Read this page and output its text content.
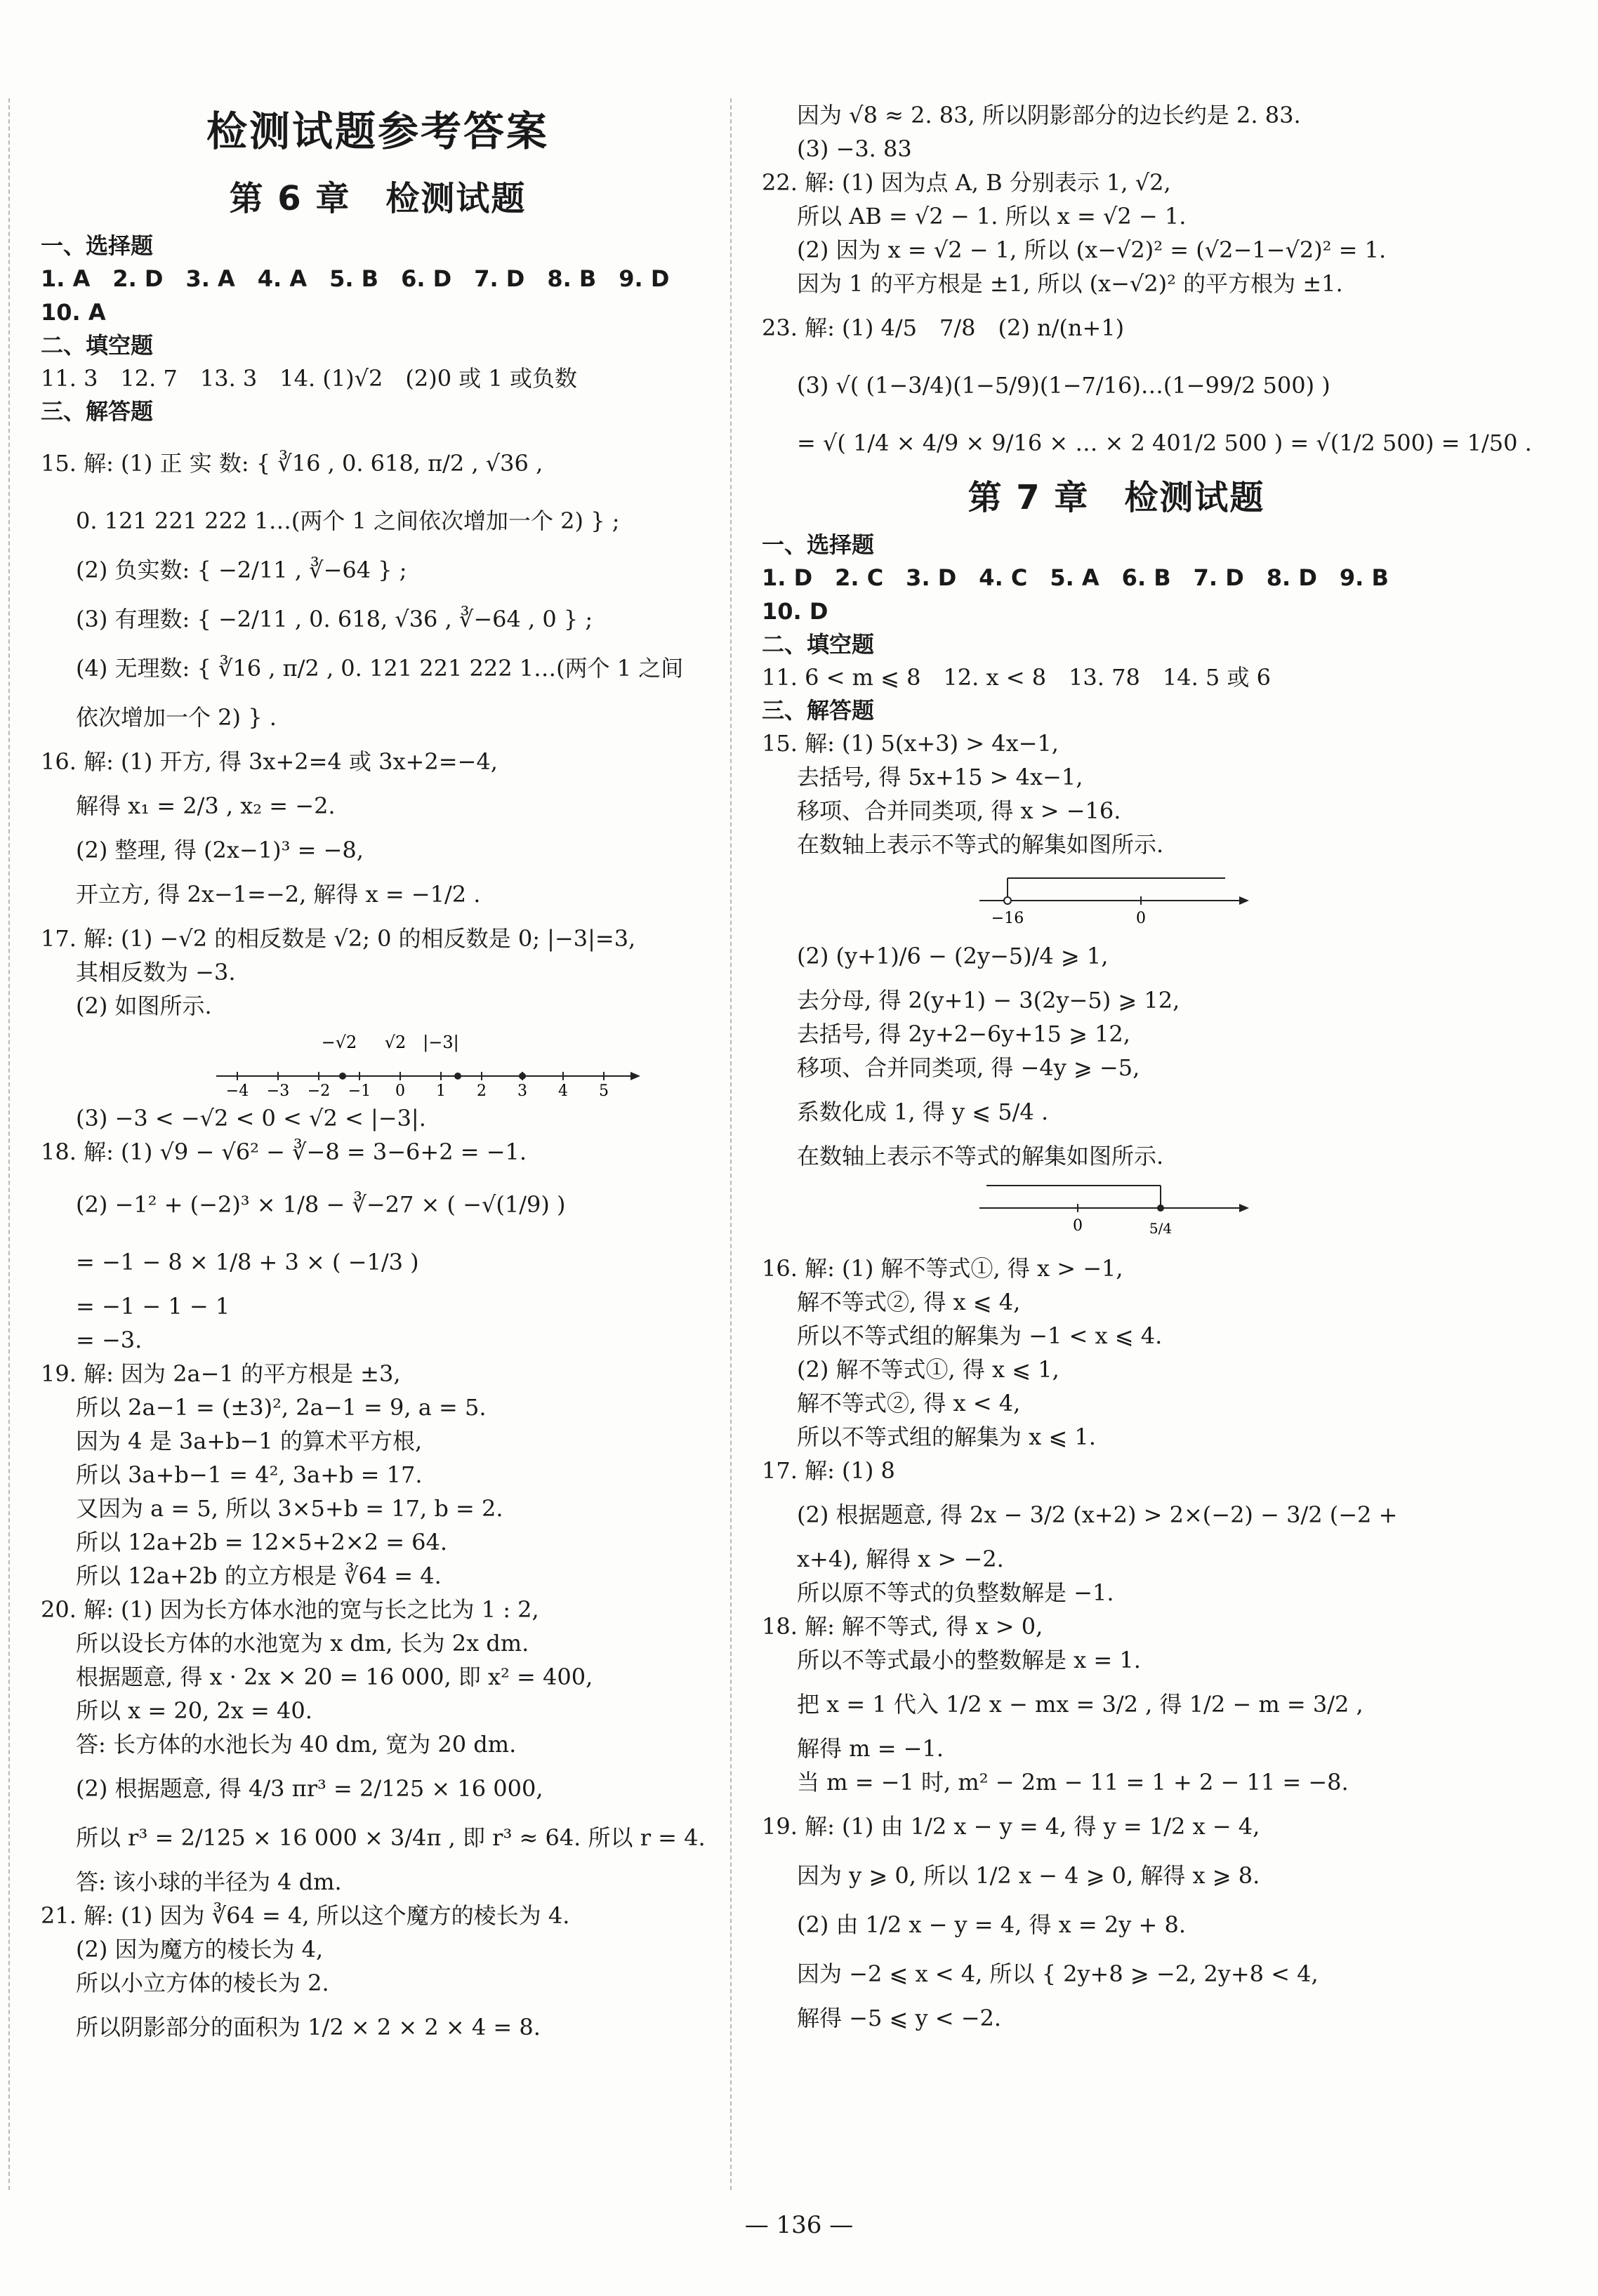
检测试题参考答案
第 6 章　检测试题
一、选择题
1. A　2. D　3. A　4. A　5. B　6. D　7. D　8. B　9. D
10. A
二、填空题
11. 3　12. 7　13. 3　14. (1)√2　(2)0 或 1 或负数
三、解答题
15. 解: (1) 正 实 数: { ∛16 , 0. 618, π/2 , √36 ,
0. 121 221 222 1…(两个 1 之间依次增加一个 2) } ;
(2) 负实数: { −2/11 , ∛−64 } ;
(3) 有理数: { −2/11 , 0. 618, √36 , ∛−64 , 0 } ;
(4) 无理数: { ∛16 , π/2 , 0. 121 221 222 1…(两个 1 之间
依次增加一个 2) } .
16. 解: (1) 开方, 得 3x+2=4 或 3x+2=−4,
解得 x₁ = 2/3 , x₂ = −2.
(2) 整理, 得 (2x−1)³ = −8,
开立方, 得 2x−1=−2, 解得 x = −1/2 .
17. 解: (1) −√2 的相反数是 √2; 0 的相反数是 0; |−3|=3,
其相反数为 −3.
(2) 如图所示.
−4 −3 −2 −1 0 1 2 3 4 5
−√2 √2 |−3|
(3) −3 < −√2 < 0 < √2 < |−3|.
18. 解: (1) √9 − √6² − ∛−8 = 3−6+2 = −1.
(2) −1² + (−2)³ × 1/8 − ∛−27 × ( −√(1/9) )
= −1 − 8 × 1/8 + 3 × ( −1/3 )
= −1 − 1 − 1
= −3.
19. 解: 因为 2a−1 的平方根是 ±3,
所以 2a−1 = (±3)², 2a−1 = 9, a = 5.
因为 4 是 3a+b−1 的算术平方根,
所以 3a+b−1 = 4², 3a+b = 17.
又因为 a = 5, 所以 3×5+b = 17, b = 2.
所以 12a+2b = 12×5+2×2 = 64.
所以 12a+2b 的立方根是 ∛64 = 4.
20. 解: (1) 因为长方体水池的宽与长之比为 1 : 2,
所以设长方体的水池宽为 x dm, 长为 2x dm.
根据题意, 得 x · 2x × 20 = 16 000, 即 x² = 400,
所以 x = 20, 2x = 40.
答: 长方体的水池长为 40 dm, 宽为 20 dm.
(2) 根据题意, 得 4/3 πr³ = 2/125 × 16 000,
所以 r³ = 2/125 × 16 000 × 3/4π , 即 r³ ≈ 64. 所以 r = 4.
答: 该小球的半径为 4 dm.
21. 解: (1) 因为 ∛64 = 4, 所以这个魔方的棱长为 4.
(2) 因为魔方的棱长为 4,
所以小立方体的棱长为 2.
所以阴影部分的面积为 1/2 × 2 × 2 × 4 = 8.
因为 √8 ≈ 2. 83, 所以阴影部分的边长约是 2. 83.
(3) −3. 83
22. 解: (1) 因为点 A, B 分别表示 1, √2,
所以 AB = √2 − 1. 所以 x = √2 − 1.
(2) 因为 x = √2 − 1, 所以 (x−√2)² = (√2−1−√2)² = 1.
因为 1 的平方根是 ±1, 所以 (x−√2)² 的平方根为 ±1.
23. 解: (1) 4/5　7/8　(2) n/(n+1)
(3) √( (1−3/4)(1−5/9)(1−7/16)…(1−99/2 500) )
= √( 1/4 × 4/9 × 9/16 × … × 2 401/2 500 ) = √(1/2 500) = 1/50 .
第 7 章　检测试题
一、选择题
1. D　2. C　3. D　4. C　5. A　6. B　7. D　8. D　9. B
10. D
二、填空题
11. 6 < m ⩽ 8　12. x < 8　13. 78　14. 5 或 6
三、解答题
15. 解: (1) 5(x+3) > 4x−1,
去括号, 得 5x+15 > 4x−1,
移项、合并同类项, 得 x > −16.
在数轴上表示不等式的解集如图所示.
−16	0
(2) (y+1)/6 − (2y−5)/4 ⩾ 1,
去分母, 得 2(y+1) − 3(2y−5) ⩾ 12,
去括号, 得 2y+2−6y+15 ⩾ 12,
移项、合并同类项, 得 −4y ⩾ −5,
系数化成 1, 得 y ⩽ 5/4 .
在数轴上表示不等式的解集如图所示.
0	5/4
16. 解: (1) 解不等式①, 得 x > −1,
解不等式②, 得 x ⩽ 4,
所以不等式组的解集为 −1 < x ⩽ 4.
(2) 解不等式①, 得 x ⩽ 1,
解不等式②, 得 x < 4,
所以不等式组的解集为 x ⩽ 1.
17. 解: (1) 8
(2) 根据题意, 得 2x − 3/2 (x+2) > 2×(−2) − 3/2 (−2 +
x+4), 解得 x > −2.
所以原不等式的负整数解是 −1.
18. 解: 解不等式, 得 x > 0,
所以不等式最小的整数解是 x = 1.
把 x = 1 代入 1/2 x − mx = 3/2 , 得 1/2 − m = 3/2 ,
解得 m = −1.
当 m = −1 时, m² − 2m − 11 = 1 + 2 − 11 = −8.
19. 解: (1) 由 1/2 x − y = 4, 得 y = 1/2 x − 4,
因为 y ⩾ 0, 所以 1/2 x − 4 ⩾ 0, 解得 x ⩾ 8.
(2) 由 1/2 x − y = 4, 得 x = 2y + 8.
因为 −2 ⩽ x < 4, 所以 { 2y+8 ⩾ −2, 2y+8 < 4,
解得 −5 ⩽ y < −2.
— 136 —
